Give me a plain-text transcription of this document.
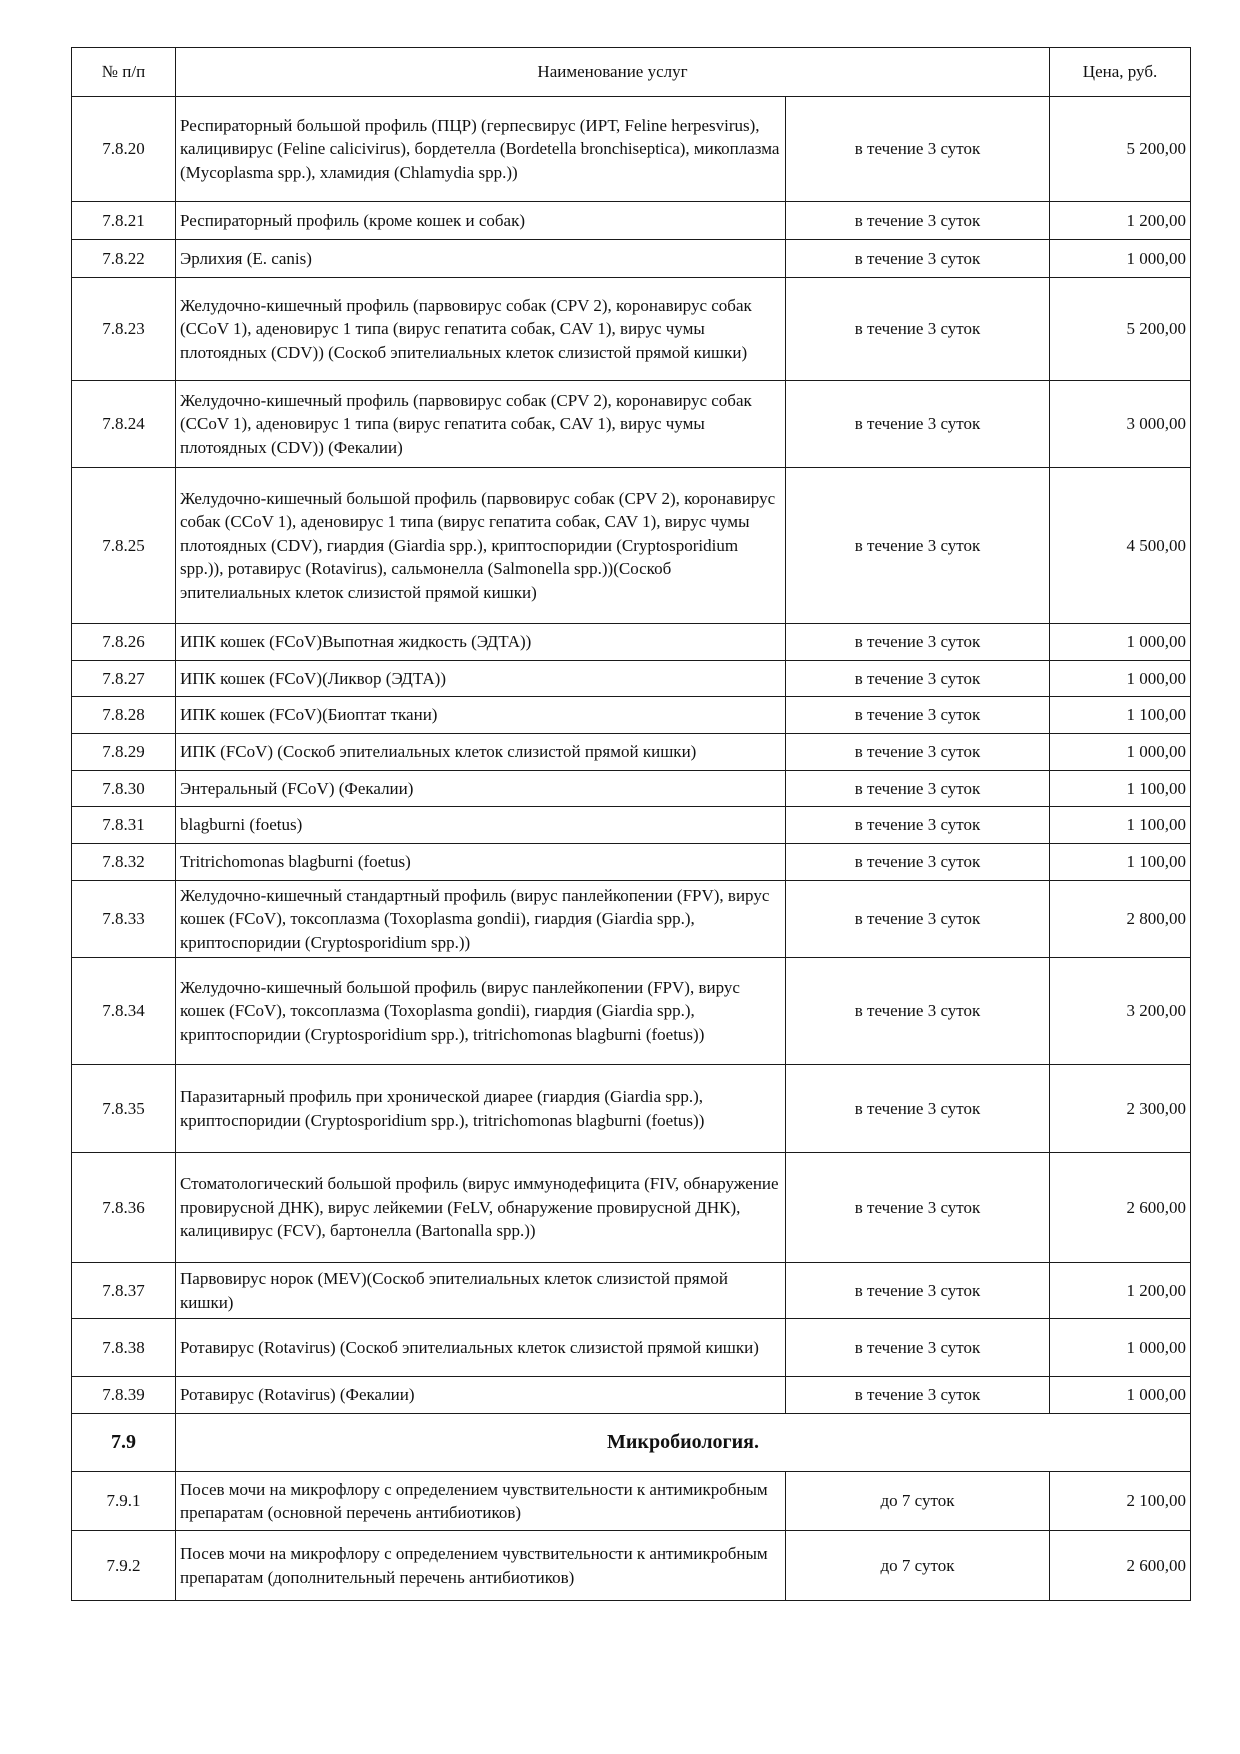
№ п/п	Наименование услуг		Цена, руб.
7.8.20	Респираторный большой профиль (ПЦР) (герпесвирус (ИРТ, Feline herpesvirus), калицивирус (Feline calicivirus), бордетелла (Bordetella bronchiseptica), микоплазма (Mycoplasma spp.), хламидия (Chlamydia spp.))	в течение 3 суток	5 200,00
7.8.21	Респираторный профиль (кроме кошек и собак)	в течение 3 суток	1 200,00
7.8.22	Эрлихия (E. canis)	в течение 3 суток	1 000,00
7.8.23	Желудочно-кишечный профиль (парвовирус собак (CPV 2), коронавирус собак (CCoV 1), аденовирус 1 типа (вирус гепатита собак, CAV 1), вирус чумы плотоядных (CDV)) (Соскоб эпителиальных клеток слизистой прямой кишки)	в течение 3 суток	5 200,00
7.8.24	Желудочно-кишечный профиль (парвовирус собак (CPV 2), коронавирус собак (CCoV 1), аденовирус 1 типа (вирус гепатита собак, CAV 1), вирус чумы плотоядных (CDV)) (Фекалии)	в течение 3 суток	3 000,00
7.8.25	Желудочно-кишечный большой профиль (парвовирус собак (CPV 2), коронавирус собак (CCoV 1), аденовирус 1 типа (вирус гепатита собак, CAV 1), вирус чумы плотоядных (CDV), гиардия (Giardia spp.), криптоспоридии (Cryptosporidium spp.)), ротавирус (Rotavirus), сальмонелла (Salmonella spp.))(Соскоб эпителиальных клеток слизистой прямой кишки)	в течение 3 суток	4 500,00
7.8.26	ИПК кошек (FCoV)Выпотная жидкость (ЭДТА))	в течение 3 суток	1 000,00
7.8.27	ИПК кошек (FCoV)(Ликвор (ЭДТА))	в течение 3 суток	1 000,00
7.8.28	ИПК кошек (FCoV)(Биоптат ткани)	в течение 3 суток	1 100,00
7.8.29	ИПК (FCoV) (Соскоб эпителиальных клеток слизистой прямой кишки)	в течение 3 суток	1 000,00
7.8.30	Энтеральный (FCoV) (Фекалии)	в течение 3 суток	1 100,00
7.8.31	blagburni (foetus)	в течение 3 суток	1 100,00
7.8.32	Tritrichomonas blagburni (foetus)	в течение 3 суток	1 100,00
7.8.33	Желудочно-кишечный стандартный профиль (вирус панлейкопении (FPV), вирус кошек (FCoV), токсоплазма (Toxoplasma gondii), гиардия (Giardia spp.), криптоспоридии (Cryptosporidium spp.))	в течение 3 суток	2 800,00
7.8.34	Желудочно-кишечный большой профиль (вирус панлейкопении (FPV), вирус кошек (FCoV), токсоплазма (Toxoplasma gondii), гиардия (Giardia spp.), криптоспоридии (Cryptosporidium spp.), tritrichomonas blagburni (foetus))	в течение 3 суток	3 200,00
7.8.35	Паразитарный профиль при хронической диарее (гиардия (Giardia spp.), криптоспоридии (Cryptosporidium spp.), tritrichomonas blagburni (foetus))	в течение 3 суток	2 300,00
7.8.36	Стоматологический большой профиль (вирус иммунодефицита (FIV, обнаружение провирусной ДНК), вирус лейкемии (FeLV, обнаружение провирусной ДНК), калицивирус (FCV), бартонелла (Bartonalla spp.))	в течение 3 суток	2 600,00
7.8.37	Парвовирус норок (MEV)(Соскоб эпителиальных клеток слизистой прямой кишки)	в течение 3 суток	1 200,00
7.8.38	Ротавирус (Rotavirus) (Соскоб эпителиальных клеток слизистой прямой кишки)	в течение 3 суток	1 000,00
7.8.39	Ротавирус (Rotavirus) (Фекалии)	в течение 3 суток	1 000,00
7.9	Микробиология.		
7.9.1	Посев мочи на микрофлору с определением чувствительности к антимикробным препаратам (основной перечень антибиотиков)	до 7 суток	2 100,00
7.9.2	Посев мочи на микрофлору с определением чувствительности к антимикробным препаратам (дополнительный перечень антибиотиков)	до 7 суток	2 600,00
